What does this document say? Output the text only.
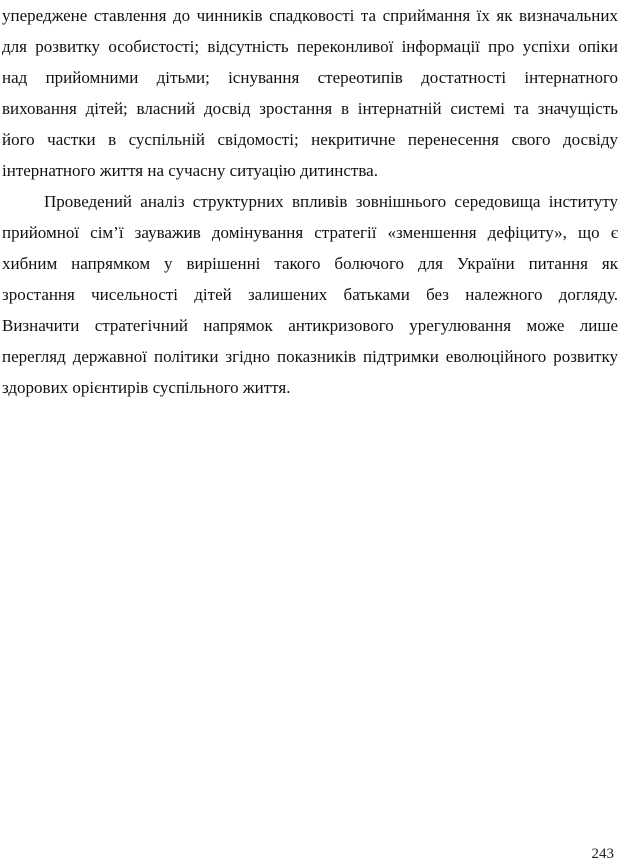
упереджене ставлення до чинників спадковості та сприймання їх як визначальних
для розвитку особистості; відсутність переконливої інформації про успіхи опіки
над прийомними дітьми; існування стереотипів достатності інтернатного
виховання дітей; власний досвід зростання в інтернатній системі та значущість
його частки в суспільній свідомості; некритичне перенесення свого досвіду
інтернатного життя на сучасну ситуацію дитинства.
Проведений аналіз структурних впливів зовнішнього середовища інституту
прийомної сім’ї зауважив домінування стратегії «зменшення дефіциту», що є
хибним напрямком у вирішенні такого болючого для України питання як
зростання чисельності дітей залишених батьками без належного догляду.
Визначити стратегічний напрямок антикризового урегулювання може лише
перегляд державної політики згідно показників підтримки еволюційного розвитку
здорових орієнтирів суспільного життя.
243
